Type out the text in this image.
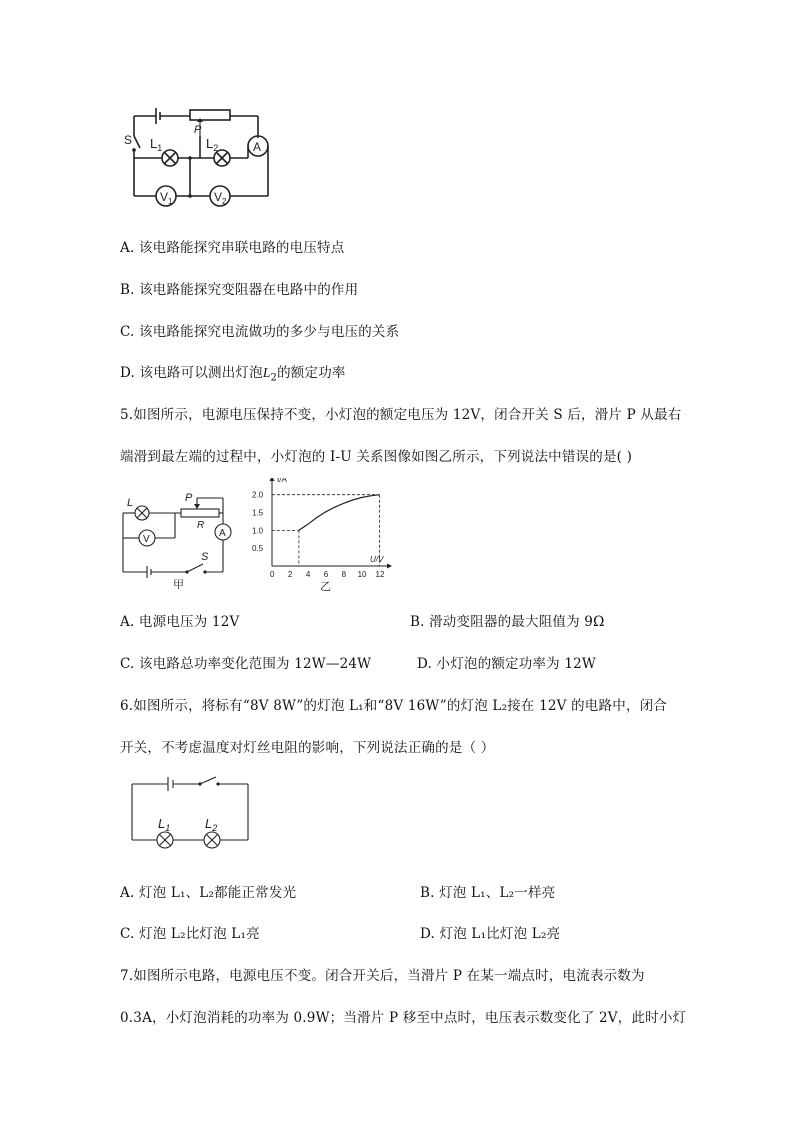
S $L_1$
P
$L_2$	A
$V_1$	$V_2$
A. 该电路能探究串联电路的电压特点
B. 该电路能探究变阻器在电路中的作用
C. 该电路能探究电流做功的多少与电压的关系
D. 该电路可以测出灯泡$L_2$的额定功率
5.如图所示，电源电压保持不变，小灯泡的额定电压为 12V，闭合开关 S 后，滑片 P 从最右
端滑到最左端的过程中，小灯泡的 I-U 关系图像如图乙所示，下列说法中错误的是( )
L	P
R
A
V
S
甲
I/A
U/V
0 2 4 6 8 10 12
0.5
1.0
1.5
2.0
乙
A. 电源电压为 12V	B. 滑动变阻器的最大阻值为 9Ω
C. 该电路总功率变化范围为 12W—24W	D. 小灯泡的额定功率为 12W
6.如图所示，将标有“8V 8W”的灯泡 L₁和“8V 16W”的灯泡 L₂接在 12V 的电路中，闭合
开关，不考虑温度对灯丝电阻的影响，下列说法正确的是（ ）
$L_1$	$L_2$
A. 灯泡 L₁、L₂都能正常发光	B. 灯泡 L₁、L₂一样亮
C. 灯泡 L₂比灯泡 L₁亮	D. 灯泡 L₁比灯泡 L₂亮
7.如图所示电路，电源电压不变。闭合开关后，当滑片 P 在某一端点时，电流表示数为
0.3A，小灯泡消耗的功率为 0.9W；当滑片 P 移至中点时，电压表示数变化了 2V，此时小灯
